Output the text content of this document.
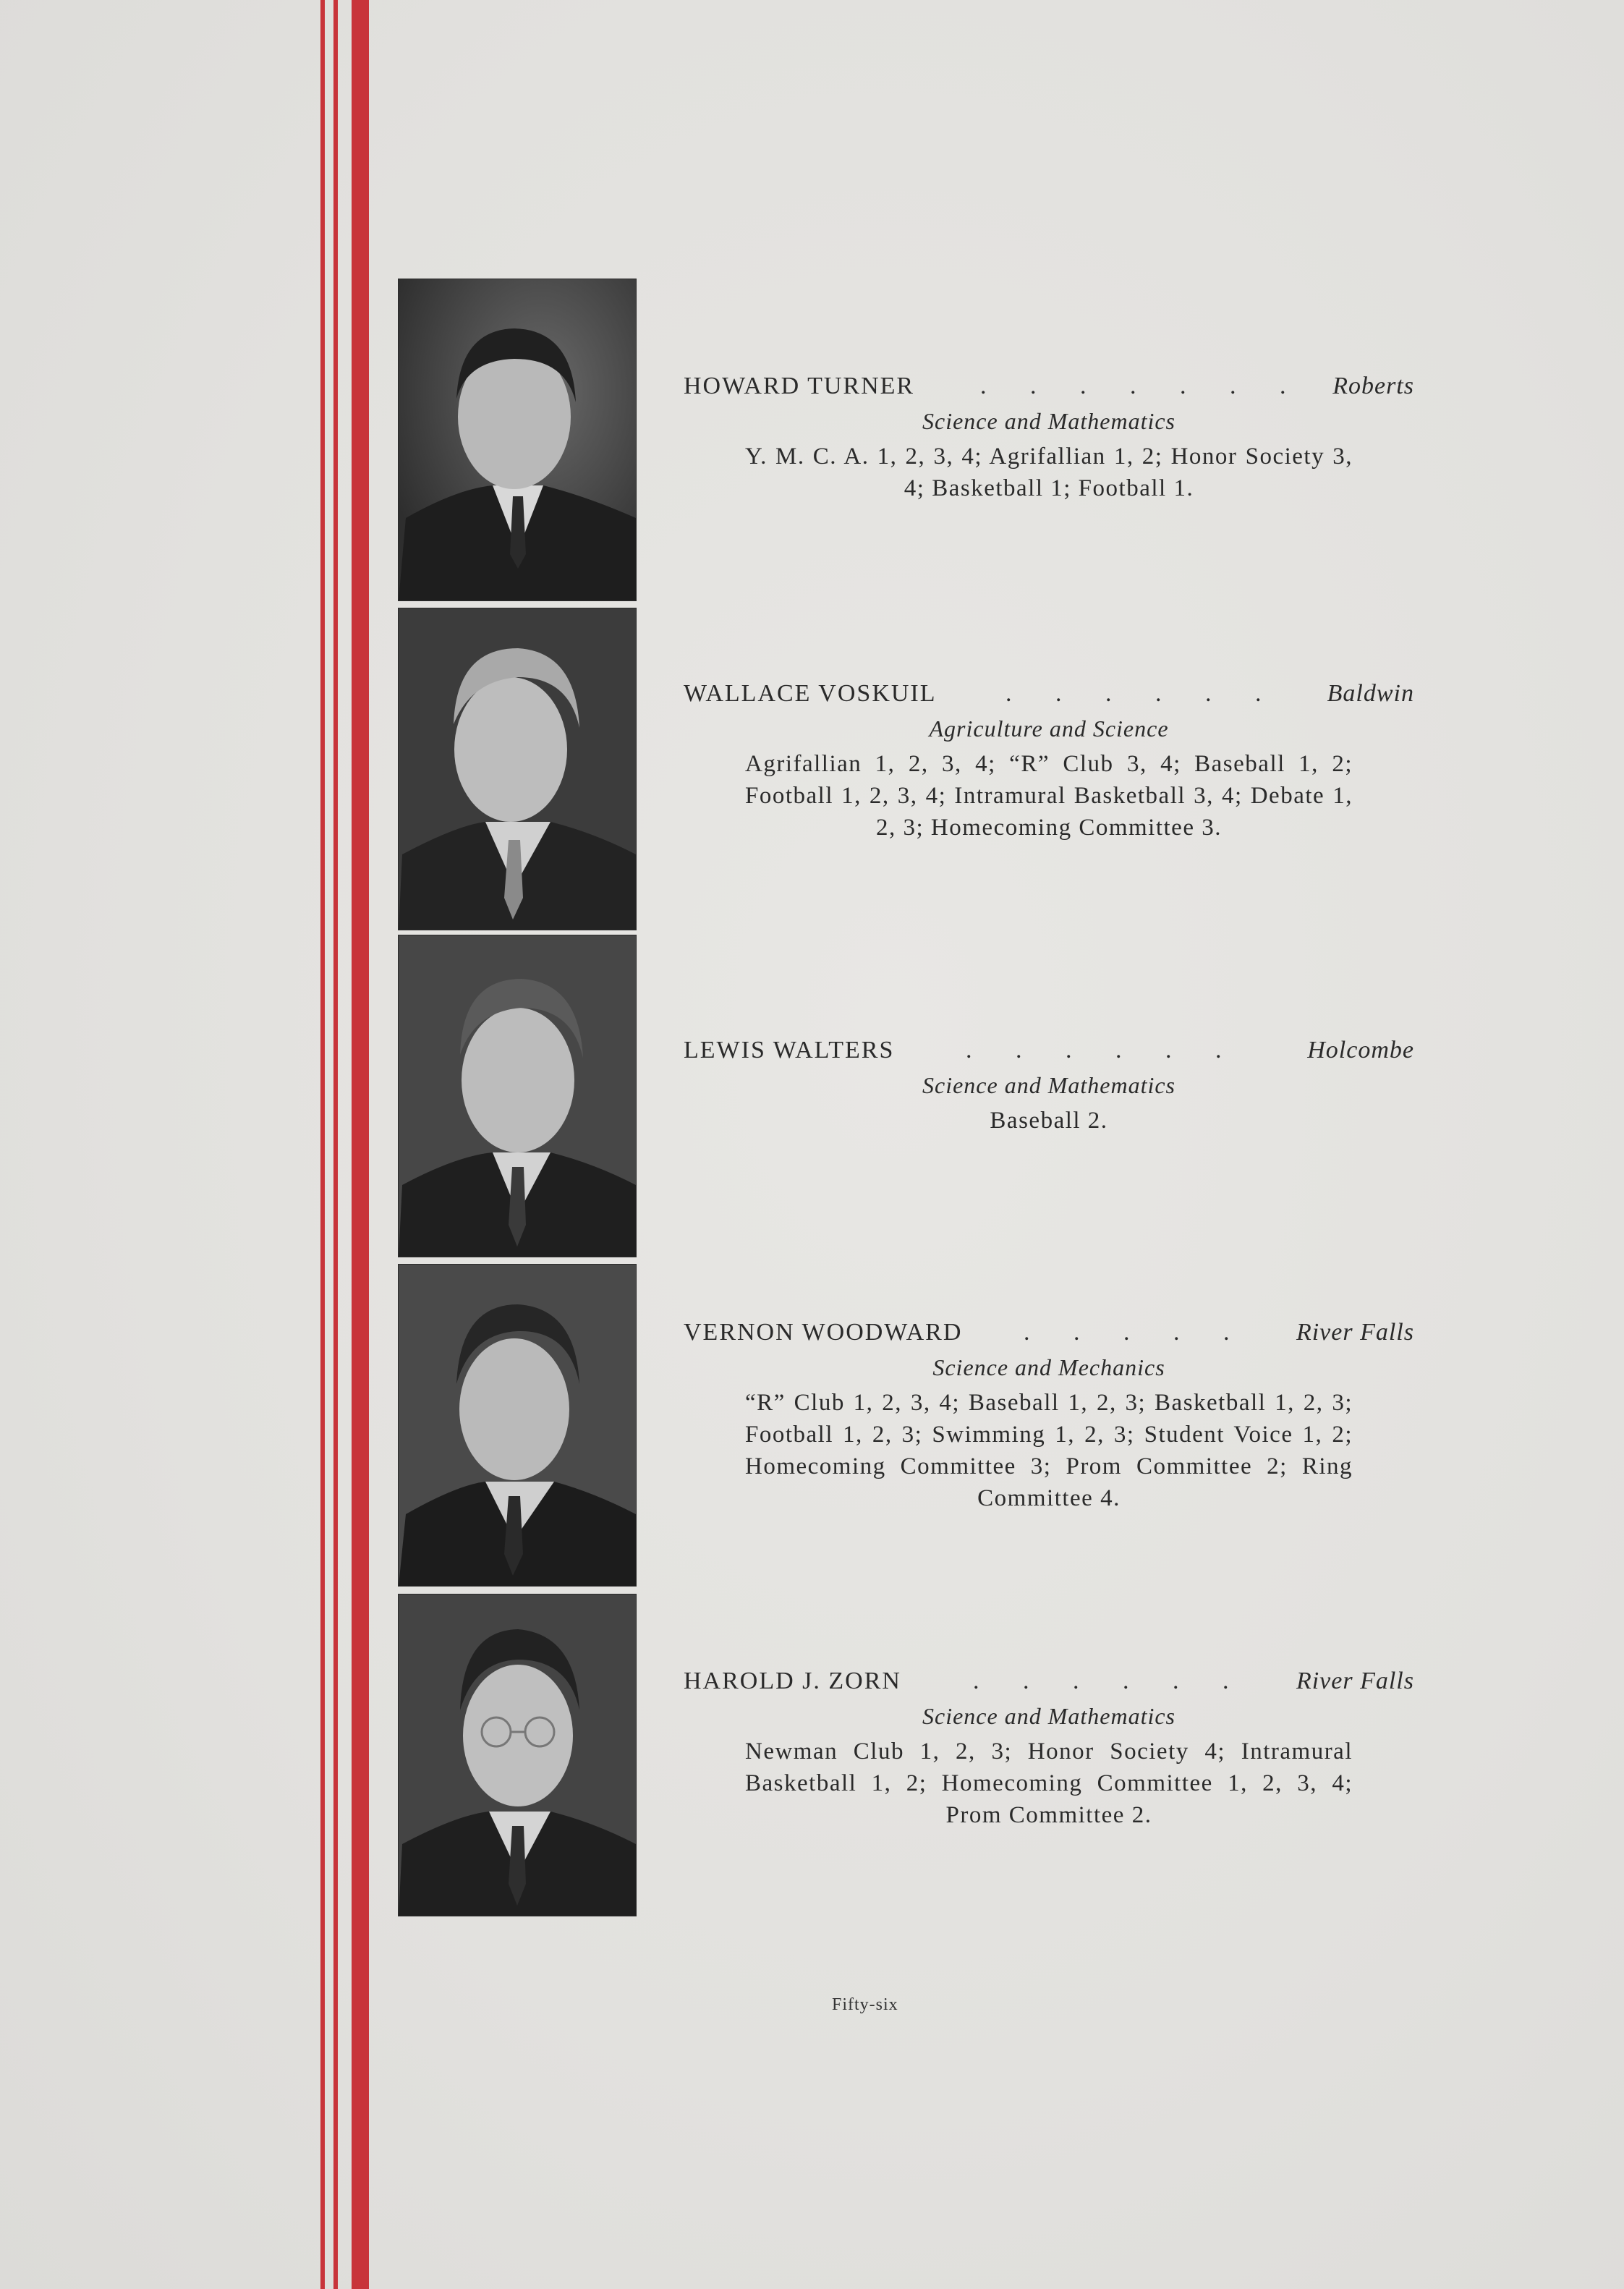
HOWARD TURNER	. . . . . . . Roberts
Science and Mathematics
Y. M. C. A. 1, 2, 3, 4; Agrifallian 1, 2; Honor Society 3, 4; Basketball 1; Football 1.
WALLACE VOSKUIL	. . . . . . Baldwin
Agriculture and Science
Agrifallian 1, 2, 3, 4; “R” Club 3, 4; Baseball 1, 2; Football 1, 2, 3, 4; Intramural Basketball 3, 4; Debate 1, 2, 3; Homecoming Committee 3.
LEWIS WALTERS	. . . . . .	Holcombe
Science and Mathematics
Baseball 2.
VERNON WOODWARD . . . . . River Falls
Science and Mechanics
“R” Club 1, 2, 3, 4; Baseball 1, 2, 3; Basketball 1, 2, 3; Football 1, 2, 3; Swimming 1, 2, 3; Student Voice 1, 2; Homecoming Committee 3; Prom Committee 2; Ring Committee 4.
HAROLD J. ZORN	. . . . . . River Falls
Science and Mathematics
Newman Club 1, 2, 3; Honor Society 4; Intramural Basketball 1, 2; Homecoming Committee 1, 2, 3, 4; Prom Committee 2.
Fifty-six
